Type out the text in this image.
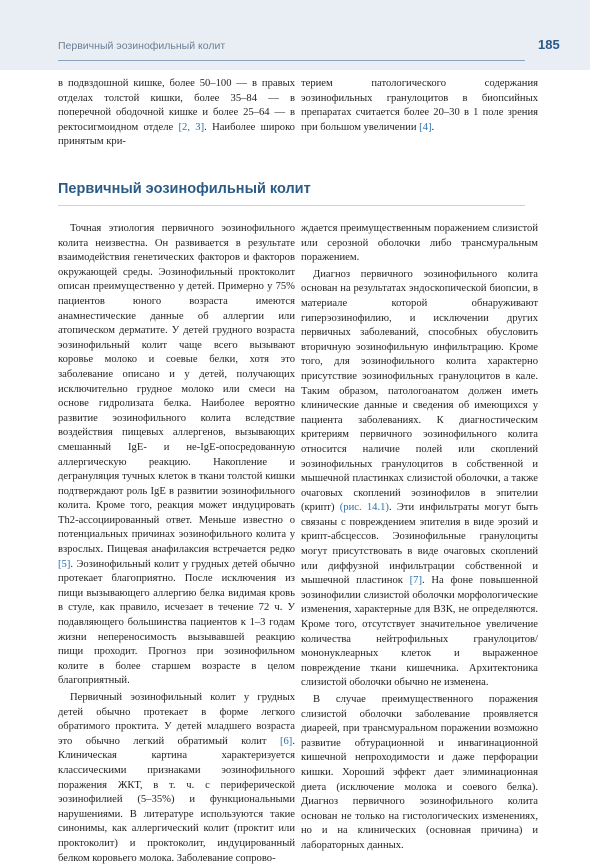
Первичный эозинофильный колит	185

в подвздошной кишке, более 50–100 — в правых отделах толстой кишки, более 35–84 — в поперечной ободочной кишке и более 25–64 — в ректосигмоидном отделе [2, 3]. Наиболее широко принятым кри-

терием патологического содержания эозинофильных гранулоцитов в биопсийных препаратах считается более 20–30 в 1 поле зрения при большом увеличении [4].

Первичный эозинофильный колит

Точная этиология первичного эозинофильного колита неизвестна. Он развивается в результате взаимодействия генетических факторов и факторов окружающей среды. Эозинофильный проктоколит описан преимущественно у детей. Примерно у 75% пациентов юного возраста имеются анамнестические данные об аллергии или атопическом дерматите. У детей грудного возраста эозинофильный колит чаще всего вызывают коровье молоко и соевые белки, хотя это заболевание описано и у детей, получающих исключительно грудное молоко или смеси на основе гидролизата белка. Наиболее вероятно развитие эозинофильного колита вследствие воздействия пищевых аллергенов, вызывающих смешанный IgE- и не-IgE-опосредованную аллергическую реакцию. Накопление и дегрануляция тучных клеток в ткани толстой кишки подтверждают роль IgE в развитии эозинофильного колита. Кроме того, реакция может индуцировать Th2-ассоциированный ответ. Меньше известно о потенциальных причинах эозинофильного колита у взрослых. Пищевая анафилаксия встречается редко [5]. Эозинофильный колит у грудных детей обычно протекает благоприятно. После исключения из пищи вызывающего аллергию белка видимая кровь в стуле, как правило, исчезает в течение 72 ч. У подавляющего большинства пациентов к 1–3 годам жизни непереносимость вызывавшей реакцию пищи проходит. Прогноз при эозинофильном колите в более старшем возрасте в целом благоприятный.

Первичный эозинофильный колит у грудных детей обычно протекает в форме легкого обратимого проктита. У детей младшего возраста это обычно легкий обратимый колит [6]. Клиническая картина характеризуется классическими признаками эозинофильного поражения ЖКТ, в т. ч. с периферической эозинофилией (5–35%) и функциональными нарушениями. В литературе используются такие синонимы, как аллергический колит (проктит или проктоколит) и проктоколит, индуцированный белком коровьего молока. Заболевание сопрово-

ждается преимущественным поражением слизистой или серозной оболочки либо трансмуральным поражением.

Диагноз первичного эозинофильного колита основан на результатах эндоскопической биопсии, в материале которой обнаруживают гиперэозинофилию, и исключении других первичных заболеваний, способных обусловить вторичную эозинофильную инфильтрацию. Кроме того, для эозинофильного колита характерно присутствие эозинофильных гранулоцитов в кале. Таким образом, патологоанатом должен иметь клинические данные и сведения об имеющихся у пациента заболеваниях. К диагностическим критериям первичного эозинофильного колита относится наличие полей или скоплений эозинофильных гранулоцитов в собственной и мышечной пластинках слизистой оболочки, а также очаговых скоплений эозинофилов в эпителии (крипт) (рис. 14.1). Эти инфильтраты могут быть связаны с повреждением эпителия в виде эрозий и крипт-абсцессов. Эозинофильные гранулоциты могут присутствовать в виде очаговых скоплений или диффузной инфильтрации собственной и мышечной пластинок [7]. На фоне повышенной эозинофилии слизистой оболочки морфологические изменения, характерные для ВЗК, не определяются. Кроме того, отсутствует значительное увеличение количества нейтрофильных гранулоцитов/мононуклеарных клеток и выраженное повреждение ткани кишечника. Архитектоника слизистой оболочки обычно не изменена.

В случае преимущественного поражения слизистой оболочки заболевание проявляется диареей, при трансмуральном поражении возможно развитие обтурационной и инвагинационной кишечной непроходимости и даже перфорации кишки. Хороший эффект дает элиминационная диета (исключение молока и соевого белка). Диагноз первичного эозинофильного колита основан не только на гистологических изменениях, но и на клинических (основная причина) и лабораторных данных.
